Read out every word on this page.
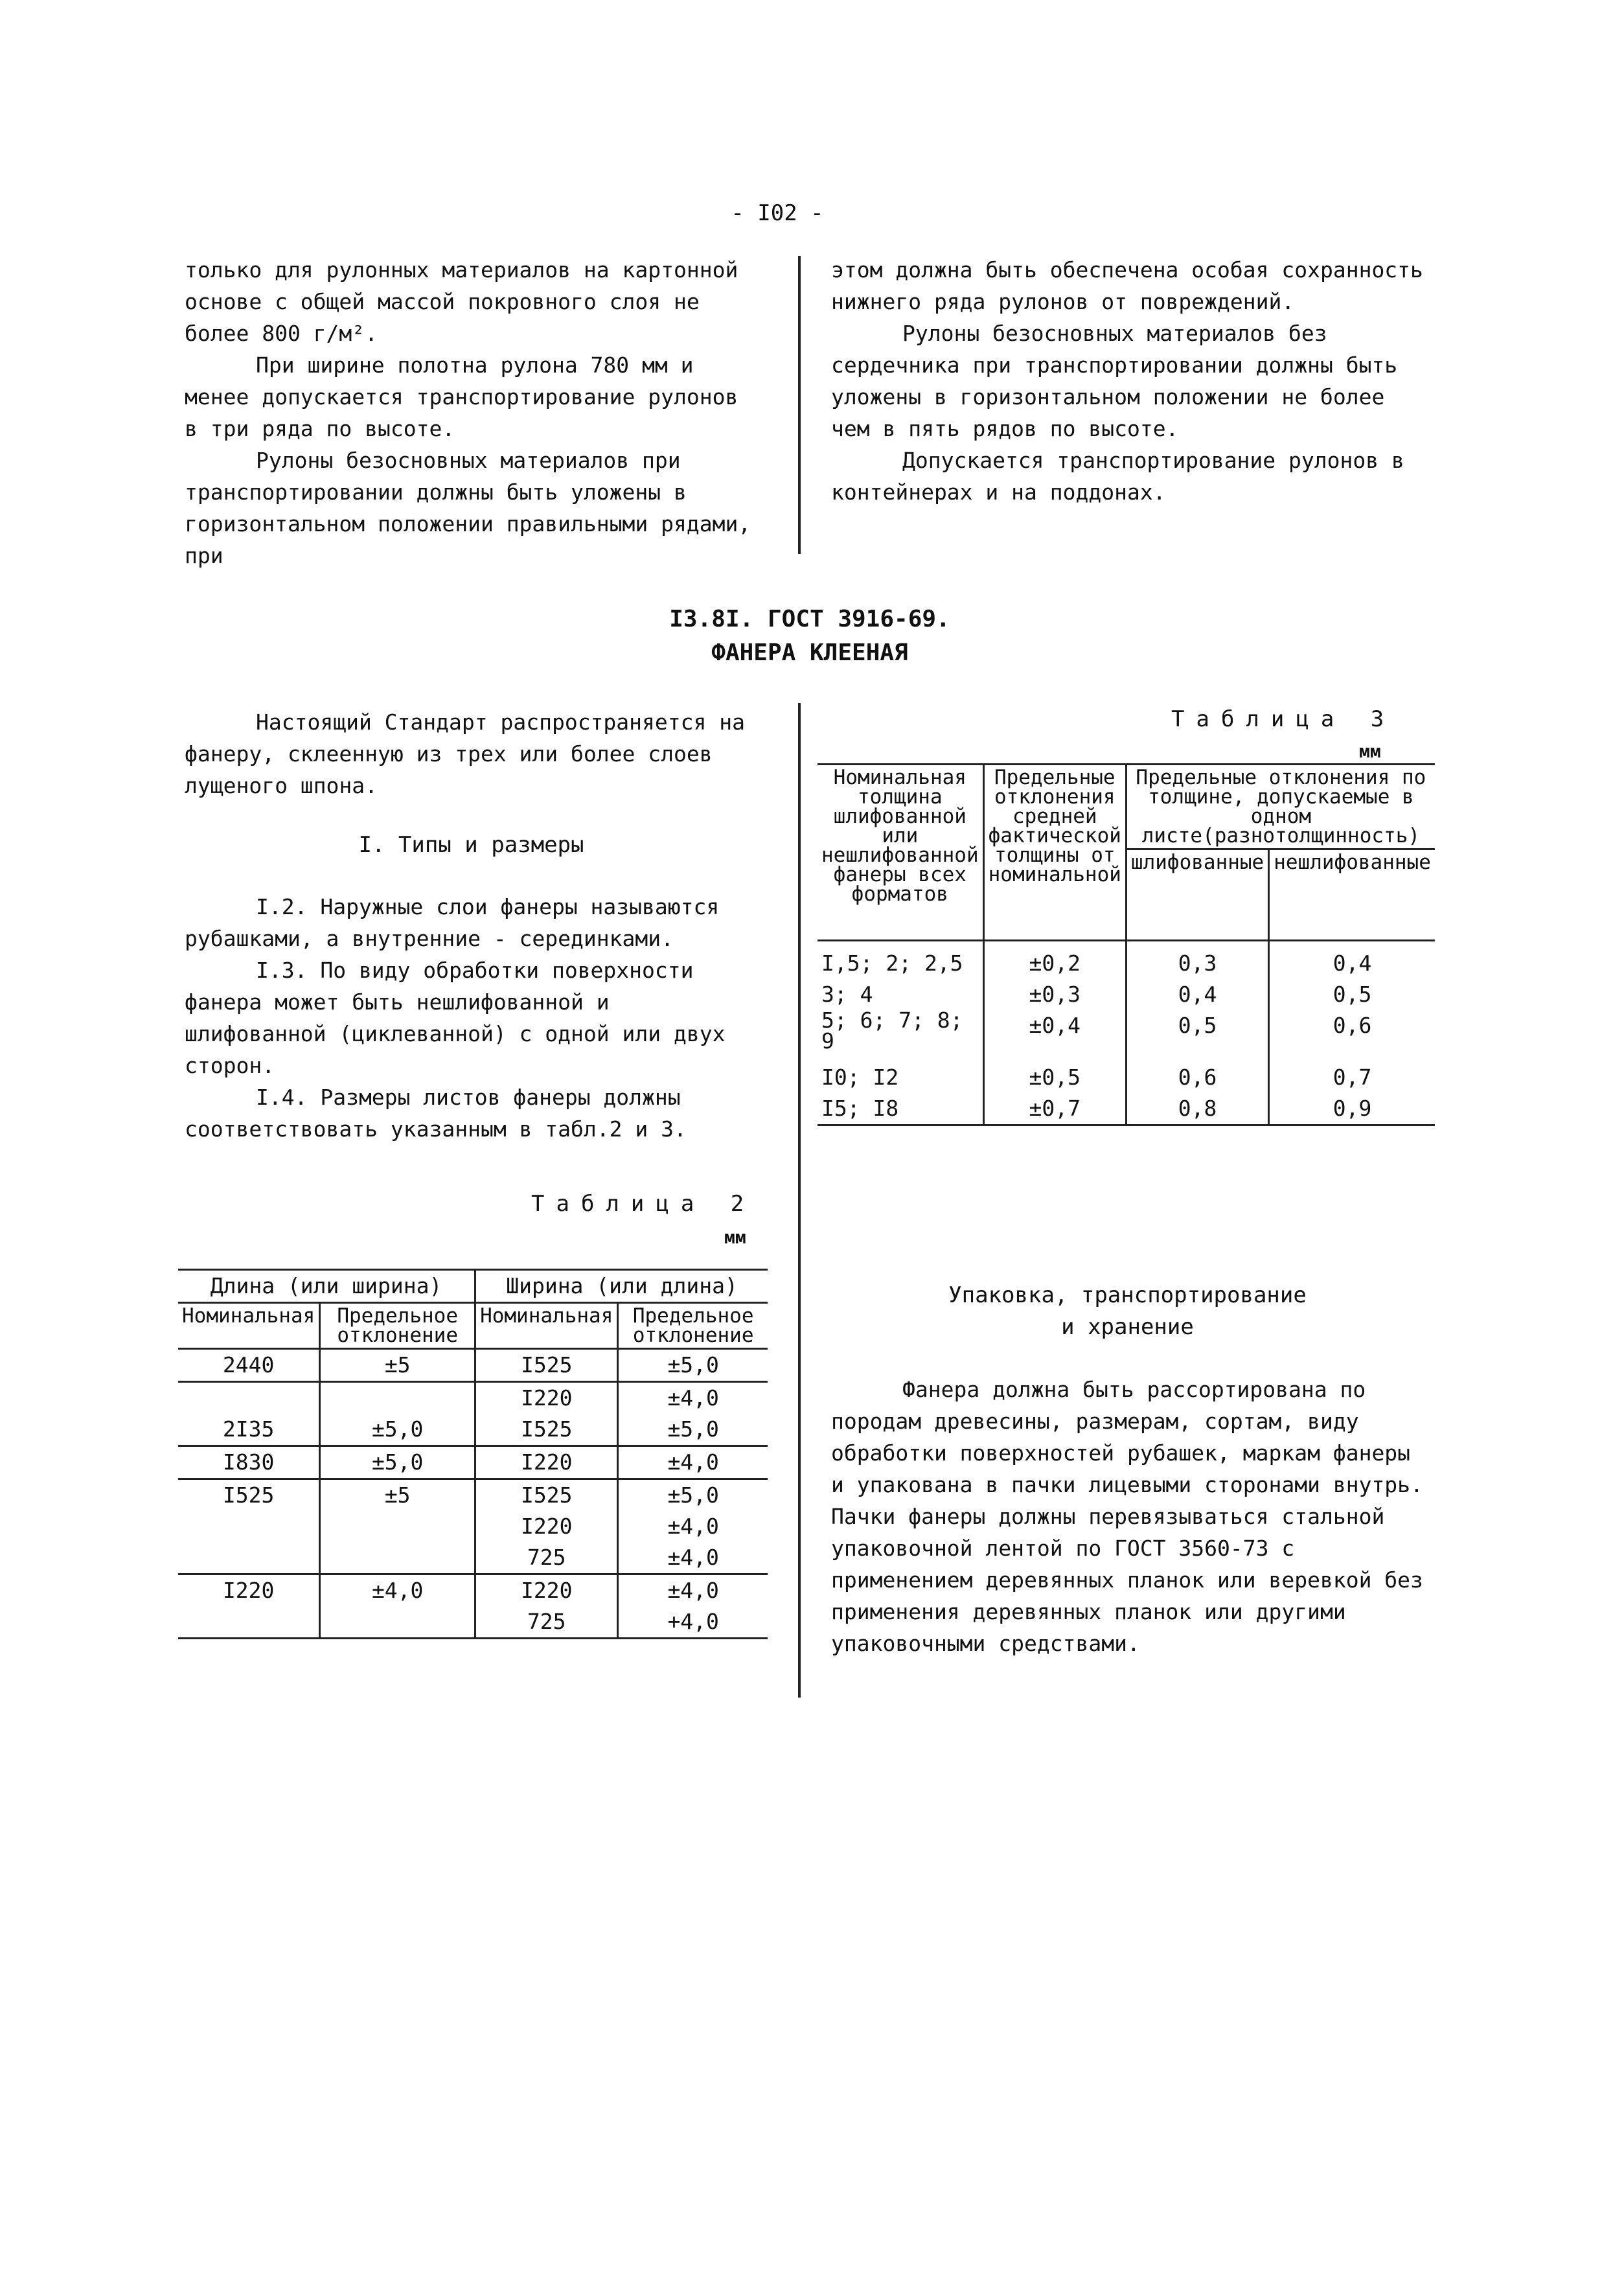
- I02 -

только для рулонных материалов на картонной основе с общей массой покровного слоя не более 800 г/м².

При ширине полотна рулона 780 мм и менее допускается транспортирование рулонов в три ряда по высоте.

Рулоны безосновных материалов при транспортировании должны быть уложены в горизонтальном положении правильными рядами, при

этом должна быть обеспечена особая сохранность нижнего ряда рулонов от повреждений.

Рулоны безосновных материалов без сердечника при транспортировании должны быть уложены в горизонтальном положении не более чем в пять рядов по высоте.

Допускается транспортирование рулонов в контейнерах и на поддонах.

I3.8I. ГОСТ 3916-69.
ФАНЕРА КЛЕЕНАЯ
Настоящий Стандарт распространяется на фанеру, склеенную из трех или более слоев лущеного шпона.
I. Типы и размеры

I.2. Наружные слои фанеры называются рубашками, а внутренние - серединками.

I.3. По виду обработки поверхности фанера может быть нешлифованной и шлифованной (циклеванной) с одной или двух сторон.

I.4. Размеры листов фанеры должны соответствовать указанным в табл.2 и 3.

Таблица 2
мм
Длина (или ширина)		Ширина (или длина)	
Номинальная	Предельное отклонение	Номинальная	Предельное отклонение
2440	±5	I525	±5,0
		I220	±4,0
2I35	±5,0	I525	±5,0
I830	±5,0	I220	±4,0
I525	±5	I525	±5,0
		I220	±4,0
		725	±4,0
I220	±4,0	I220	±4,0
		725	+4,0
Таблица 3
мм
Номинальная толщина шлифованной или нешлифованной фанеры всех форматов	Предельные отклонения средней фактической толщины от номинальной	Предельные отклонения по толщине, допускаемые в одном листе(разнотолщинность)	
		шлифованные	нешлифованные
I,5; 2; 2,5	±0,2	0,3	0,4
3; 4	±0,3	0,4	0,5
5; 6; 7; 8; 9	±0,4	0,5	0,6
I0; I2	±0,5	0,6	0,7
I5; I8	±0,7	0,8	0,9
Упаковка, транспортирование
и хранение
Фанера должна быть рассортирована по породам древесины, размерам, сортам, виду обработки поверхностей рубашек, маркам фанеры и упакована в пачки лицевыми сторонами внутрь. Пачки фанеры должны перевязываться стальной упаковочной лентой по ГОСТ 3560-73 с применением деревянных планок или веревкой без применения деревянных планок или другими упаковочными средствами.
